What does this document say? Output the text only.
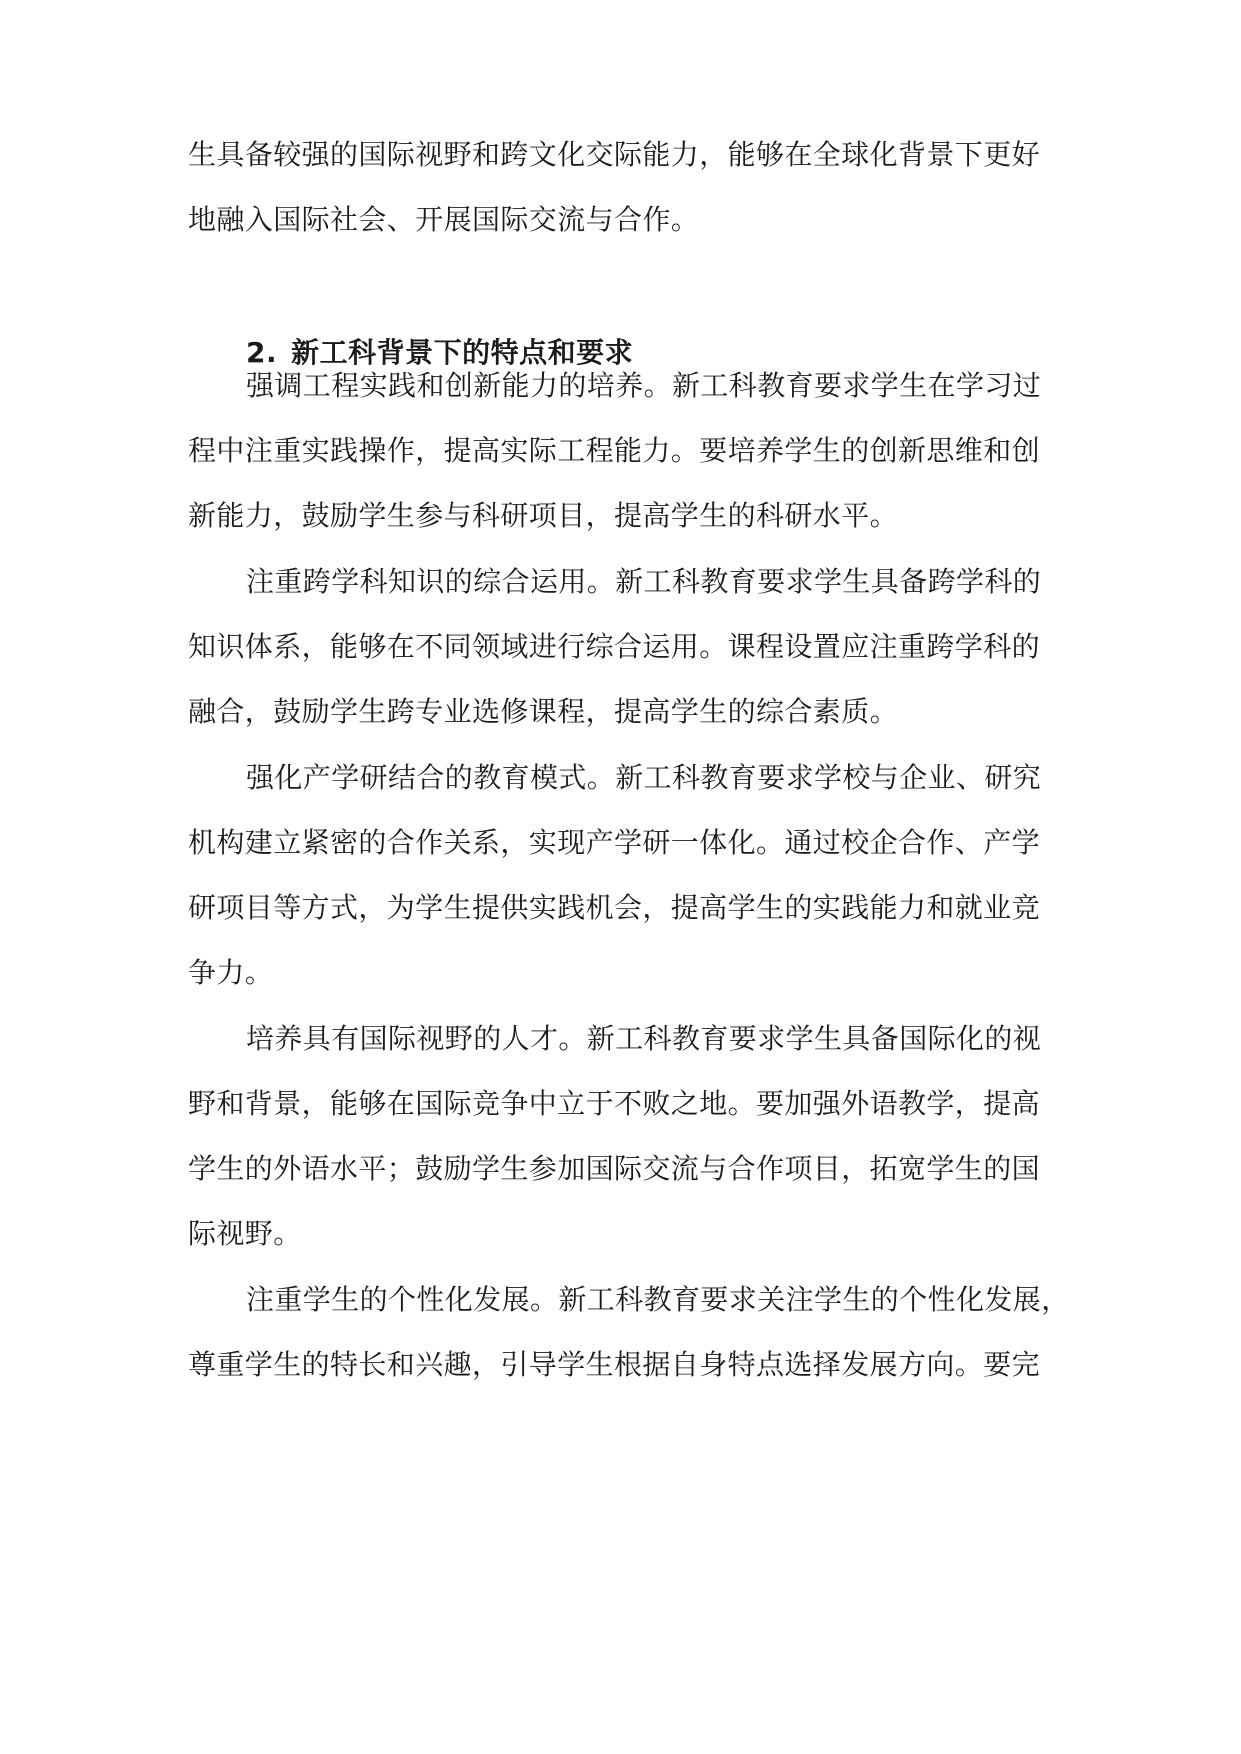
生具备较强的国际视野和跨文化交际能力，能够在全球化背景下更好
地融入国际社会、开展国际交流与合作。
2. 新工科背景下的特点和要求
强调工程实践和创新能力的培养。新工科教育要求学生在学习过
程中注重实践操作，提高实际工程能力。要培养学生的创新思维和创
新能力，鼓励学生参与科研项目，提高学生的科研水平。
注重跨学科知识的综合运用。新工科教育要求学生具备跨学科的
知识体系，能够在不同领域进行综合运用。课程设置应注重跨学科的
融合，鼓励学生跨专业选修课程，提高学生的综合素质。
强化产学研结合的教育模式。新工科教育要求学校与企业、研究
机构建立紧密的合作关系，实现产学研一体化。通过校企合作、产学
研项目等方式，为学生提供实践机会，提高学生的实践能力和就业竞
争力。
培养具有国际视野的人才。新工科教育要求学生具备国际化的视
野和背景，能够在国际竞争中立于不败之地。要加强外语教学，提高
学生的外语水平；鼓励学生参加国际交流与合作项目，拓宽学生的国
际视野。
注重学生的个性化发展。新工科教育要求关注学生的个性化发展，
尊重学生的特长和兴趣，引导学生根据自身特点选择发展方向。要完
